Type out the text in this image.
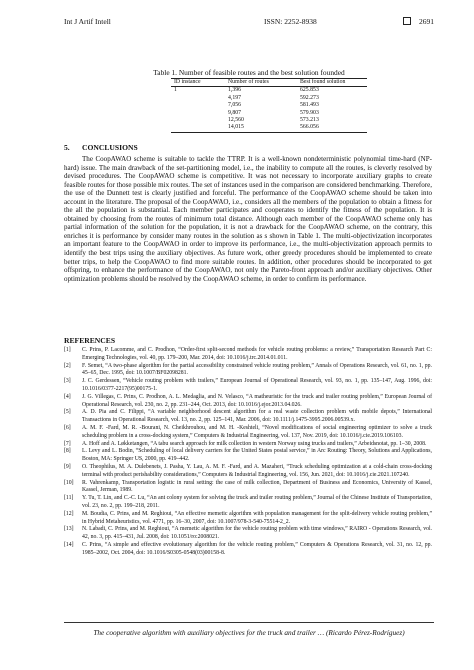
Int J Artif Intell	ISSN: 2252-8938	2691
Table 1. Number of feasible routes and the best solution founded
ID instance	Number of routes	Best found solution
1	1,396	625.853
	4,197	592.273
	7,056	581.493
	9,807	579.903
	12,560	573.213
	14,015	566.056
5. CONCLUSIONS

The CoopAWAO scheme is suitable to tackle the TTRP. It is a well-known nondeterministic polynomial time-hard (NP-hard) issue. The main drawback of the set-partitioning model, i.e., the inability to compute all the routes, is cleverly resolved by devised procedures. The CoopAWAO scheme is competitive. It was not necessary to incorporate auxiliary graphs to create feasible routes for those possible mix routes. The set of instances used in the comparison are considered benchmarking. Therefore, the use of the Dunnett test is clearly justified and forceful. The performance of the CoopAWAO scheme should be taken into account in the literature. The proposal of the CoopAWAO, i.e., considers all the members of the population to obtain a fitness for the all the population is substantial. Each member participates and cooperates to identify the fitness of the population. It is obtained by choosing from the routes of minimum total distance. Although each member of the CoopAWAO scheme only has partial information of the solution for the population, it is not a drawback for the CoopAWAO scheme, on the contrary, this enriches it is performance by consider many routes in the solution as s shown in Table 1. The multi-objectivization incorporates an important feature to the CoopAWAO in order to improve its performance, i.e., the multi-objectivization approach permits to identify the best trips using the auxiliary objectives. As future work, other greedy procedures should be implemented to create better trips, to help the CoopAWAO to find more suitable routes. In addition, other procedures should be incorporated to get offspring, to enhance the performance of the CoopAWAO, not only the Pareto-front approach and/or auxiliary objectives. Other optimization problems should be resolved by the CoopAWAO scheme, in order to confirm its performance.

REFERENCES
[1] C. Prins, P. Lacomme, and C. Prodhon, “Order-first split-second methods for vehicle routing problems: a review,” Transportation Research Part C: Emerging Technologies, vol. 40, pp. 179–200, Mar. 2014, doi: 10.1016/j.trc.2014.01.011.
[2] F. Semet, “A two-phase algorithm for the partial accessibility constrained vehicle routing problem,” Annals of Operations Research, vol. 61, no. 1, pp. 45–65, Dec. 1995, doi: 10.1007/BF02098281.
[3] J. C. Gerdessen, “Vehicle routing problem with trailers,” European Journal of Operational Research, vol. 93, no. 1, pp. 135–147, Aug. 1996, doi: 10.1016/0377-2217(95)00175-1.
[4] J. G. Villegas, C. Prins, C. Prodhon, A. L. Medaglia, and N. Velasco, “A matheuristic for the truck and trailer routing problem,” European Journal of Operational Research, vol. 230, no. 2, pp. 231–244, Oct. 2013, doi: 10.1016/j.ejor.2013.04.026.
[5] A. D. Pia and C. Filippi, “A variable neighborhood descent algorithm for a real waste collection problem with mobile depots,” International Transactions in Operational Research, vol. 13, no. 2, pp. 125–141, Mar. 2006, doi: 10.1111/j.1475-3995.2006.00539.x.
[6] A. M. F. -Fard, M. R. -Bourani, N. Cheikhrouhou, and M. H. -Keshteli, “Novel modifications of social engineering optimizer to solve a truck scheduling problem in a cross-docking system,” Computers & Industrial Engineering, vol. 137, Nov. 2019, doi: 10.1016/j.cie.2019.106103.
[7] A. Hoff and A. Løkketangen, “A tabu search approach for milk collection in western Norway using trucks and trailers,” Arbeidsnotat, pp. 1–30, 2008.
[8] L. Levy and L. Bodin, “Scheduling of local delivery carriers for the United States postal service,” in Arc Routing: Theory, Solutions and Applications, Boston, MA: Springer US, 2000, pp. 419–442.
[9] O. Theophilus, M. A. Dulebenets, J. Pasha, Y. Lau, A. M. F. -Fard, and A. Mazaheri, “Truck scheduling optimization at a cold-chain cross-docking terminal with product perishability considerations,” Computers & Industrial Engineering, vol. 156, Jun. 2021, doi: 10.1016/j.cie.2021.107240.
[10] R. Vahrenkamp, Transportation logistic in rural setting: the case of milk collection, Department of Business and Economics, University of Kassel, Kassel, Jerman, 1989.
[11] Y. Tu, T. Lin, and C.-C. Lu, “An ant colony system for solving the truck and trailer routing problem,” Journal of the Chinese Institute of Transportation, vol. 23, no. 2, pp. 199–218, 2011.
[12] M. Boudia, C. Prins, and M. Reghioui, “An effective memetic algorithm with population management for the split-delivery vehicle routing problem,” in Hybrid Metaheuristics, vol. 4771, pp. 16–30, 2007, doi: 10.1007/978-3-540-75514-2_2.
[13] N. Labadi, C. Prins, and M. Reghioui, “A memetic algorithm for the vehicle routing problem with time windows,” RAIRO - Operations Research, vol. 42, no. 3, pp. 415–431, Jul. 2008, doi: 10.1051/ro:2008021.
[14] C. Prins, “A simple and effective evolutionary algorithm for the vehicle routing problem,” Computers & Operations Research, vol. 31, no. 12, pp. 1985–2002, Oct. 2004, doi: 10.1016/S0305-0548(03)00158-8.
The cooperative algorithm with auxiliary objectives for the truck and trailer … (Ricardo Pérez-Rodríguez)
